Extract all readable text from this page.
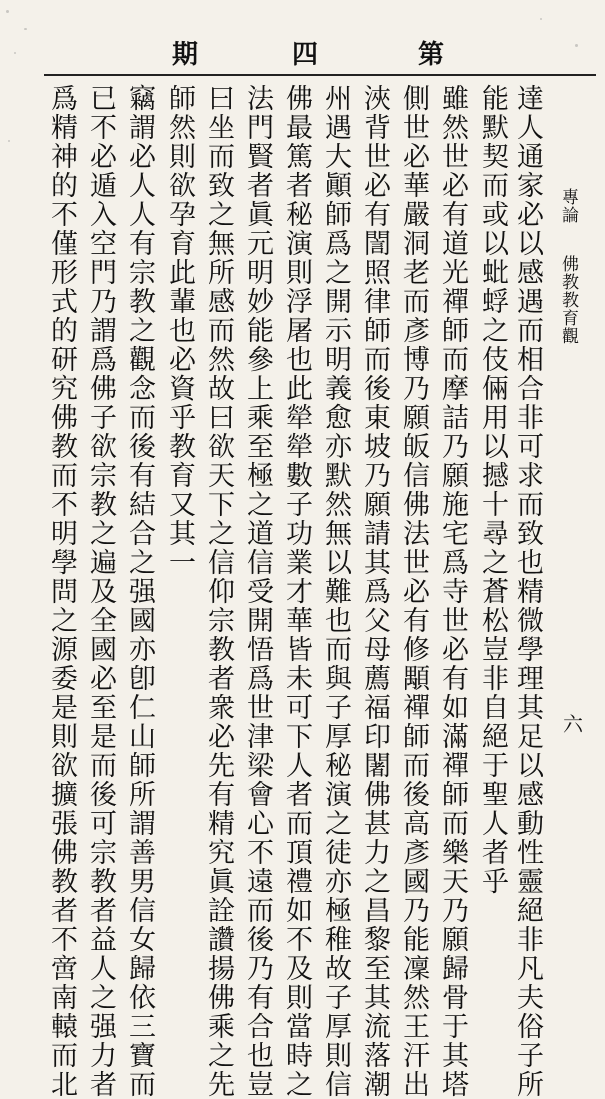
第
四
期
專論 佛教教育觀
六
達人通家必以感遇而相合非可求而致也精微學理其足以感動性靈絕非凡夫俗子所
能默契而或以蚍蜉之伎倆用以撼十尋之蒼松豈非自絕于聖人者乎
雖然世必有道光禪師而摩詰乃願施宅爲寺世必有如滿禪師而樂天乃願歸骨于其塔
側世必華嚴洞老而彥博乃願皈信佛法世必有修顒禪師而後高彥國乃能凜然王汗出
浹背世必有誾照律師而後東坡乃願請其爲父母薦福印闍佛甚力之昌黎至其流落潮
州遇大顚師爲之開示明義愈亦默然無以難也而與子厚秘演之徒亦極稚故子厚則信
佛最篤者秘演則浮屠也此犖犖數子功業才華皆未可下人者而頂禮如不及則當時之
法門賢者眞元明妙能參上乘至極之道信受開悟爲世津梁會心不遠而後乃有合也豈
曰坐而致之無所感而然故曰欲天下之信仰宗教者衆必先有精究眞詮讚揚佛乘之先
師然則欲孕育此輩也必資乎教育又其一
竊謂必人人有宗教之觀念而後有結合之强國亦卽仁山師所謂善男信女歸依三寶而
已不必遁入空門乃謂爲佛子欲宗教之遍及全國必至是而後可宗教者益人之强力者
爲精神的不僅形式的研究佛教而不明學問之源委是則欲擴張佛教者不啻南轅而北
